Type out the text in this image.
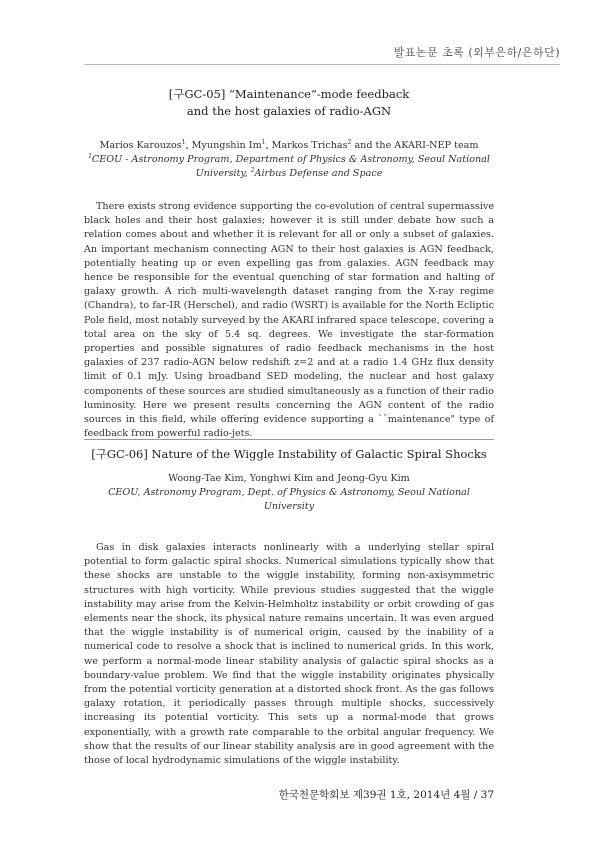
발표논문 초록 (외부은하/은하단)
[구GC-05] “Maintenance”-mode feedback
and the host galaxies of radio-AGN
Marios Karouzos$^1$, Myungshin Im$^1$, Markos Trichas$^2$ and the AKARI-NEP team
$^1$CEOU - Astronomy Program, Department of Physics & Astronomy, Seoul National
University, $^2$Airbus Defense and Space
There exists strong evidence supporting the co-evolution of central supermassive black holes and their host galaxies; however it is still under debate how such a relation comes about and whether it is relevant for all or only a subset of galaxies. An important mechanism connecting AGN to their host galaxies is AGN feedback, potentially heating up or even expelling gas from galaxies. AGN feedback may hence be responsible for the eventual quenching of star formation and halting of galaxy growth. A rich multi-wavelength dataset ranging from the X-ray regime (Chandra), to far-IR (Herschel), and radio (WSRT) is available for the North Ecliptic Pole field, most notably surveyed by the AKARI infrared space telescope, covering a total area on the sky of 5.4 sq. degrees. We investigate the star-formation properties and possible signatures of radio feedback mechanisms in the host galaxies of 237 radio-AGN below redshift z=2 and at a radio 1.4 GHz flux density limit of 0.1 mJy. Using broadband SED modeling, the nuclear and host galaxy components of these sources are studied simultaneously as a function of their radio luminosity. Here we present results concerning the AGN content of the radio sources in this field, while offering evidence supporting a ``maintenance" type of feedback from powerful radio-jets.
[구GC-06] Nature of the Wiggle Instability of Galactic Spiral Shocks
Woong-Tae Kim, Yonghwi Kim and Jeong-Gyu Kim
CEOU, Astronomy Program, Dept. of Physics & Astronomy, Seoul National University
Gas in disk galaxies interacts nonlinearly with a underlying stellar spiral potential to form galactic spiral shocks. Numerical simulations typically show that these shocks are unstable to the wiggle instability, forming non-axisymmetric structures with high vorticity. While previous studies suggested that the wiggle instability may arise from the Kelvin-Helmholtz instability or orbit crowding of gas elements near the shock, its physical nature remains uncertain. It was even argued that the wiggle instability is of numerical origin, caused by the inability of a numerical code to resolve a shock that is inclined to numerical grids. In this work, we perform a normal-mode linear stability analysis of galactic spiral shocks as a boundary-value problem. We find that the wiggle instability originates physically from the potential vorticity generation at a distorted shock front. As the gas follows galaxy rotation, it periodically passes through multiple shocks, successively increasing its potential vorticity. This sets up a normal-mode that grows exponentially, with a growth rate comparable to the orbital angular frequency. We show that the results of our linear stability analysis are in good agreement with the those of local hydrodynamic simulations of the wiggle instability.
한국천문학회보 제39권 1호, 2014년 4월 / 37
